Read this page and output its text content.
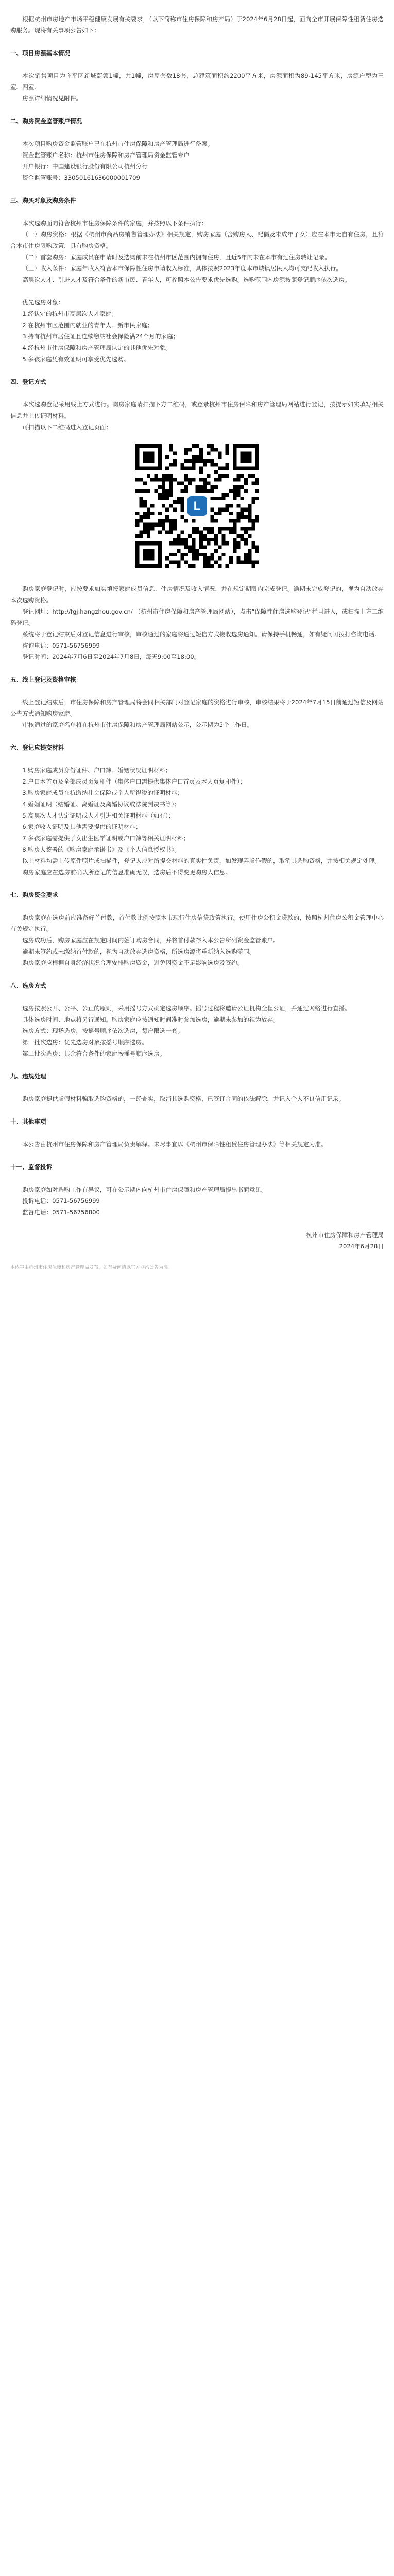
根据杭州市房地产市场平稳健康发展有关要求，（以下简称市住房保障和房产局）于2024年6月28日起，面向全市开展保障性租赁住房选购服务。现将有关事项公告如下：

一、项目房源基本情况

本次销售项目为临平区新城蔚领1幢，共1幢，房屋套数18套，总建筑面积约2200平方米，房源面积为89-145平方米，房源户型为三室、四室。

房源详细情况见附件。

二、购房资金监管账户情况

本次项目购房资金监管账户已在杭州市住房保障和房产管理局进行备案。

资金监管账户名称：杭州市住房保障和房产管理局资金监管专户

开户银行：中国建设银行股份有限公司杭州分行

资金监管账号：33050161636000001709

三、购买对象及购房条件

本次选购面向符合杭州市住房保障条件的家庭，并按照以下条件执行：

（一）购房资格：根据《杭州市商品房销售管理办法》相关规定，购房家庭（含购房人、配偶及未成年子女）应在本市无自有住房，且符合本市住房限购政策，具有购房资格。

（二）首套购房：家庭成员在申请时及选购前未在杭州市区范围内拥有住房，且近5年内未在本市有过住房转让记录。

（三）收入条件：家庭年收入符合本市保障性住房申请收入标准，具体按照2023年度本市城镇居民人均可支配收入执行。

高层次人才、引进人才及符合条件的新市民、青年人，可参照本公告要求优先选购。选购范围内房源按照登记顺序依次选房。

优先选房对象：

1.经认定的杭州市高层次人才家庭；

2.在杭州市区范围内就业的青年人、新市民家庭；

3.持有杭州市居住证且连续缴纳社会保险满24个月的家庭；

4.经杭州市住房保障和房产管理局认定的其他优先对象。

5.多孩家庭凭有效证明可享受优先选购。

四、登记方式

本次选购登记采用线上方式进行。购房家庭请扫描下方二维码，或登录杭州市住房保障和房产管理局网站进行登记，按提示如实填写相关信息并上传证明材料。

可扫描以下二维码进入登记页面：

L

购房家庭登记时，应按要求如实填报家庭成员信息、住房情况及收入情况，并在规定期限内完成登记。逾期未完成登记的，视为自动放弃本次选购资格。

登记网址：http://fgj.hangzhou.gov.cn/ （杭州市住房保障和房产管理局网站），点击“保障性住房选购登记”栏目进入，或扫描上方二维码登记。

系统将于登记结束后对登记信息进行审核，审核通过的家庭将通过短信方式接收选房通知。请保持手机畅通，如有疑问可拨打咨询电话。

咨询电话：0571-56756999

登记时间：2024年7月6日至2024年7月8日，每天9:00至18:00。

五、线上登记及资格审核

线上登记结束后，市住房保障和房产管理局将会同相关部门对登记家庭的资格进行审核，审核结果将于2024年7月15日前通过短信及网站公告方式通知购房家庭。

审核通过的家庭名单将在杭州市住房保障和房产管理局网站公示，公示期为5个工作日。

六、登记应提交材料

1.购房家庭成员身份证件、户口簿、婚姻状况证明材料；

2.户口本首页及全部成员页复印件（集体户口需提供集体户口首页及本人页复印件）；

3.购房家庭成员在杭缴纳社会保险或个人所得税的证明材料；

4.婚姻证明（结婚证、离婚证及离婚协议或法院判决书等）；

5.高层次人才认定证明或人才引进相关证明材料（如有）；

6.家庭收入证明及其他需要提供的证明材料；

7.多孩家庭需提供子女出生医学证明或户口簿等相关证明材料；

8.购房人签署的《购房家庭承诺书》及《个人信息授权书》。

以上材料均需上传原件照片或扫描件，登记人应对所提交材料的真实性负责，如发现弄虚作假的，取消其选购资格，并按相关规定处理。

购房家庭应在选房前确认所登记的信息准确无误，选房后不得变更购房人信息。

七、购房资金要求

购房家庭在选房前应准备好首付款，首付款比例按照本市现行住房信贷政策执行。使用住房公积金贷款的，按照杭州住房公积金管理中心有关规定执行。

选房成功后，购房家庭应在规定时间内签订购房合同，并将首付款存入本公告所列资金监管账户。

逾期未签约或未缴纳首付款的，视为自动放弃选房资格，所选房源将重新纳入选购范围。

购房家庭应根据自身经济状况合理安排购房资金，避免因资金不足影响选房及签约。

八、选房方式

选房按照公开、公平、公正的原则，采用摇号方式确定选房顺序。摇号过程将邀请公证机构全程公证，并通过网络进行直播。

具体选房时间、地点将另行通知。购房家庭应按通知时间准时参加选房，逾期未参加的视为放弃。

选房方式：现场选房，按摇号顺序依次选房，每户限选一套。

第一批次选房：优先选房对象按摇号顺序选房。

第二批次选房：其余符合条件的家庭按摇号顺序选房。

九、违规处理

购房家庭提供虚假材料骗取选购资格的，一经查实，取消其选购资格，已签订合同的依法解除，并记入个人不良信用记录。

十、其他事项

本公告由杭州市住房保障和房产管理局负责解释。未尽事宜以《杭州市保障性租赁住房管理办法》等相关规定为准。

十一、监督投诉

购房家庭如对选购工作有异议，可在公示期内向杭州市住房保障和房产管理局提出书面意见。

投诉电话：0571-56756999

监督电话：0571-56756800

杭州市住房保障和房产管理局
2024年6月28日
本内容由杭州市住房保障和房产管理局发布，如有疑问请以官方网站公告为准。
